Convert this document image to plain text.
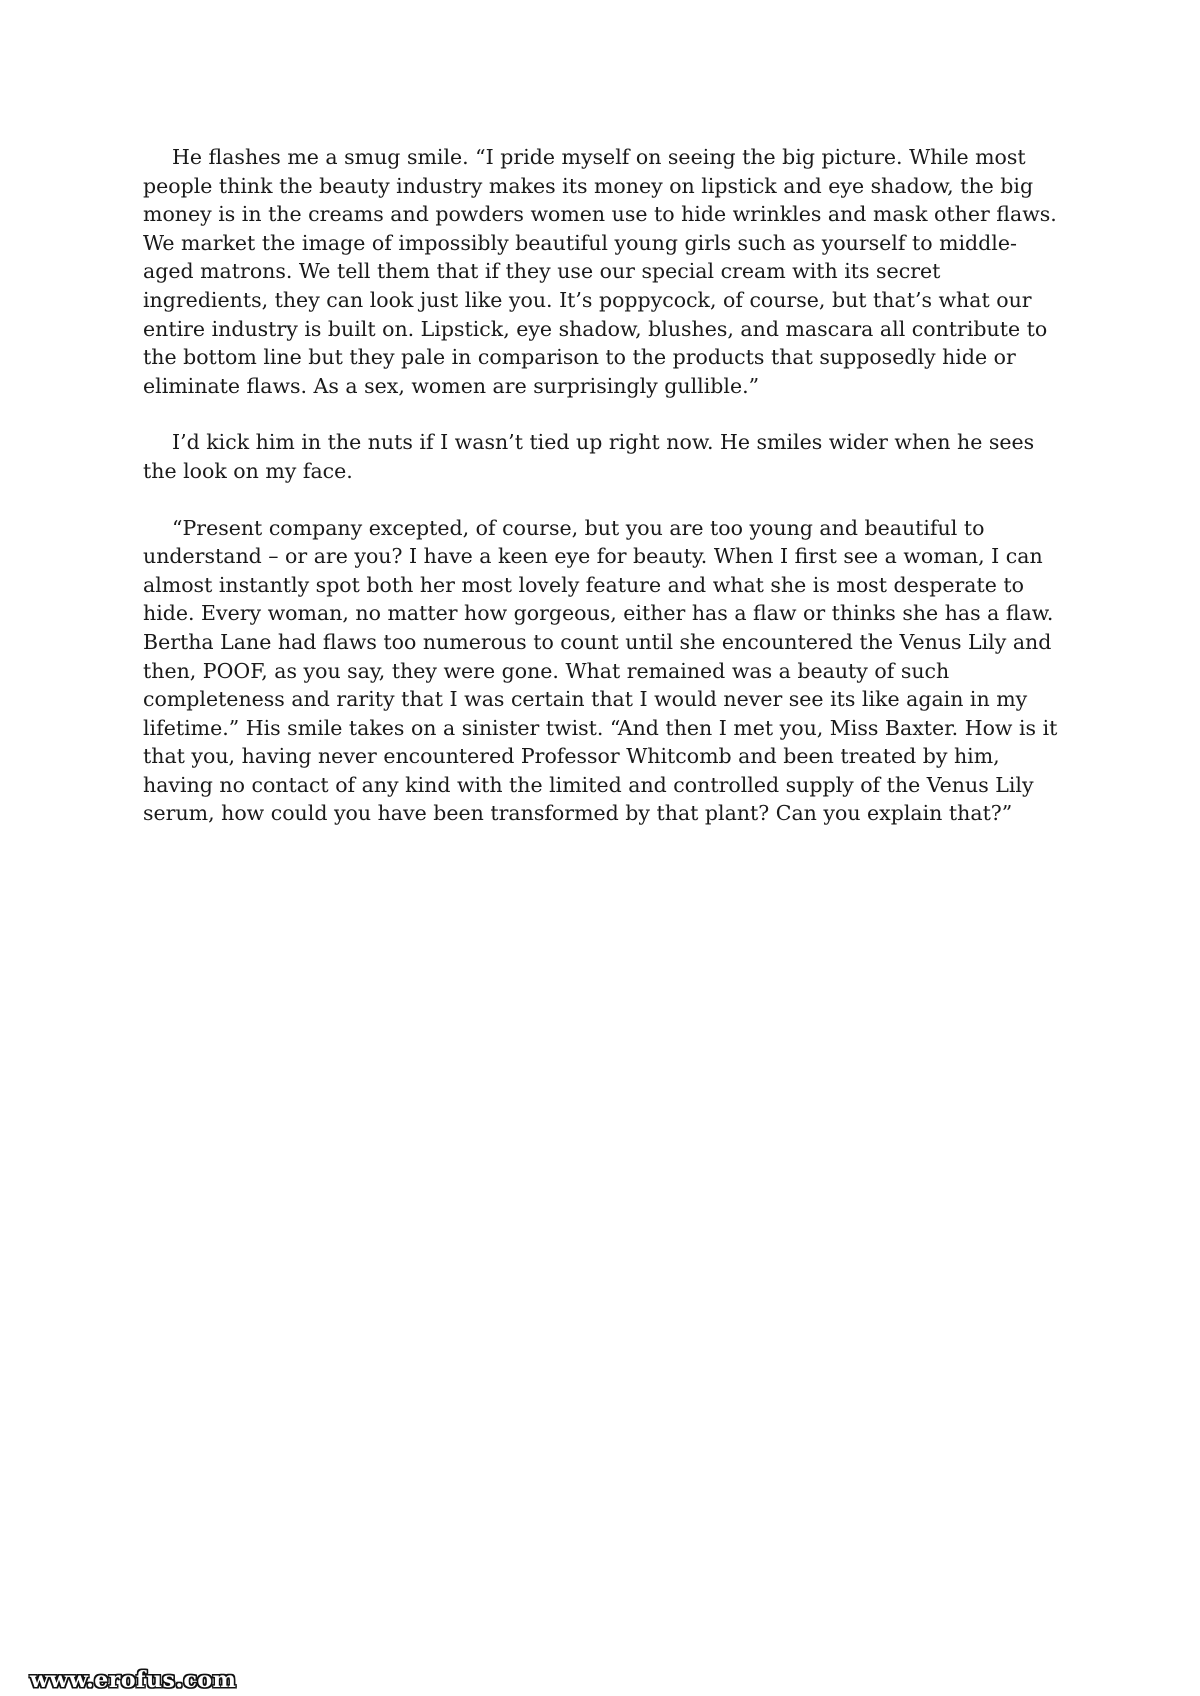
He flashes me a smug smile. “I pride myself on seeing the big picture. While most people think the beauty industry makes its money on lipstick and eye shadow, the big money is in the creams and powders women use to hide wrinkles and mask other flaws. We market the image of impossibly beautiful young girls such as yourself to middle-aged matrons. We tell them that if they use our special cream with its secret ingredients, they can look just like you. It’s poppycock, of course, but that’s what our entire industry is built on. Lipstick, eye shadow, blushes, and mascara all contribute to the bottom line but they pale in comparison to the products that supposedly hide or eliminate flaws. As a sex, women are surprisingly gullible.”

I’d kick him in the nuts if I wasn’t tied up right now. He smiles wider when he sees the look on my face.

“Present company excepted, of course, but you are too young and beautiful to understand – or are you? I have a keen eye for beauty. When I first see a woman, I can almost instantly spot both her most lovely feature and what she is most desperate to hide. Every woman, no matter how gorgeous, either has a flaw or thinks she has a flaw. Bertha Lane had flaws too numerous to count until she encountered the Venus Lily and then, POOF, as you say, they were gone. What remained was a beauty of such completeness and rarity that I was certain that I would never see its like again in my lifetime.” His smile takes on a sinister twist. “And then I met you, Miss Baxter. How is it that you, having never encountered Professor Whitcomb and been treated by him, having no contact of any kind with the limited and controlled supply of the Venus Lily serum, how could you have been transformed by that plant? Can you explain that?”

www.erofus.com
